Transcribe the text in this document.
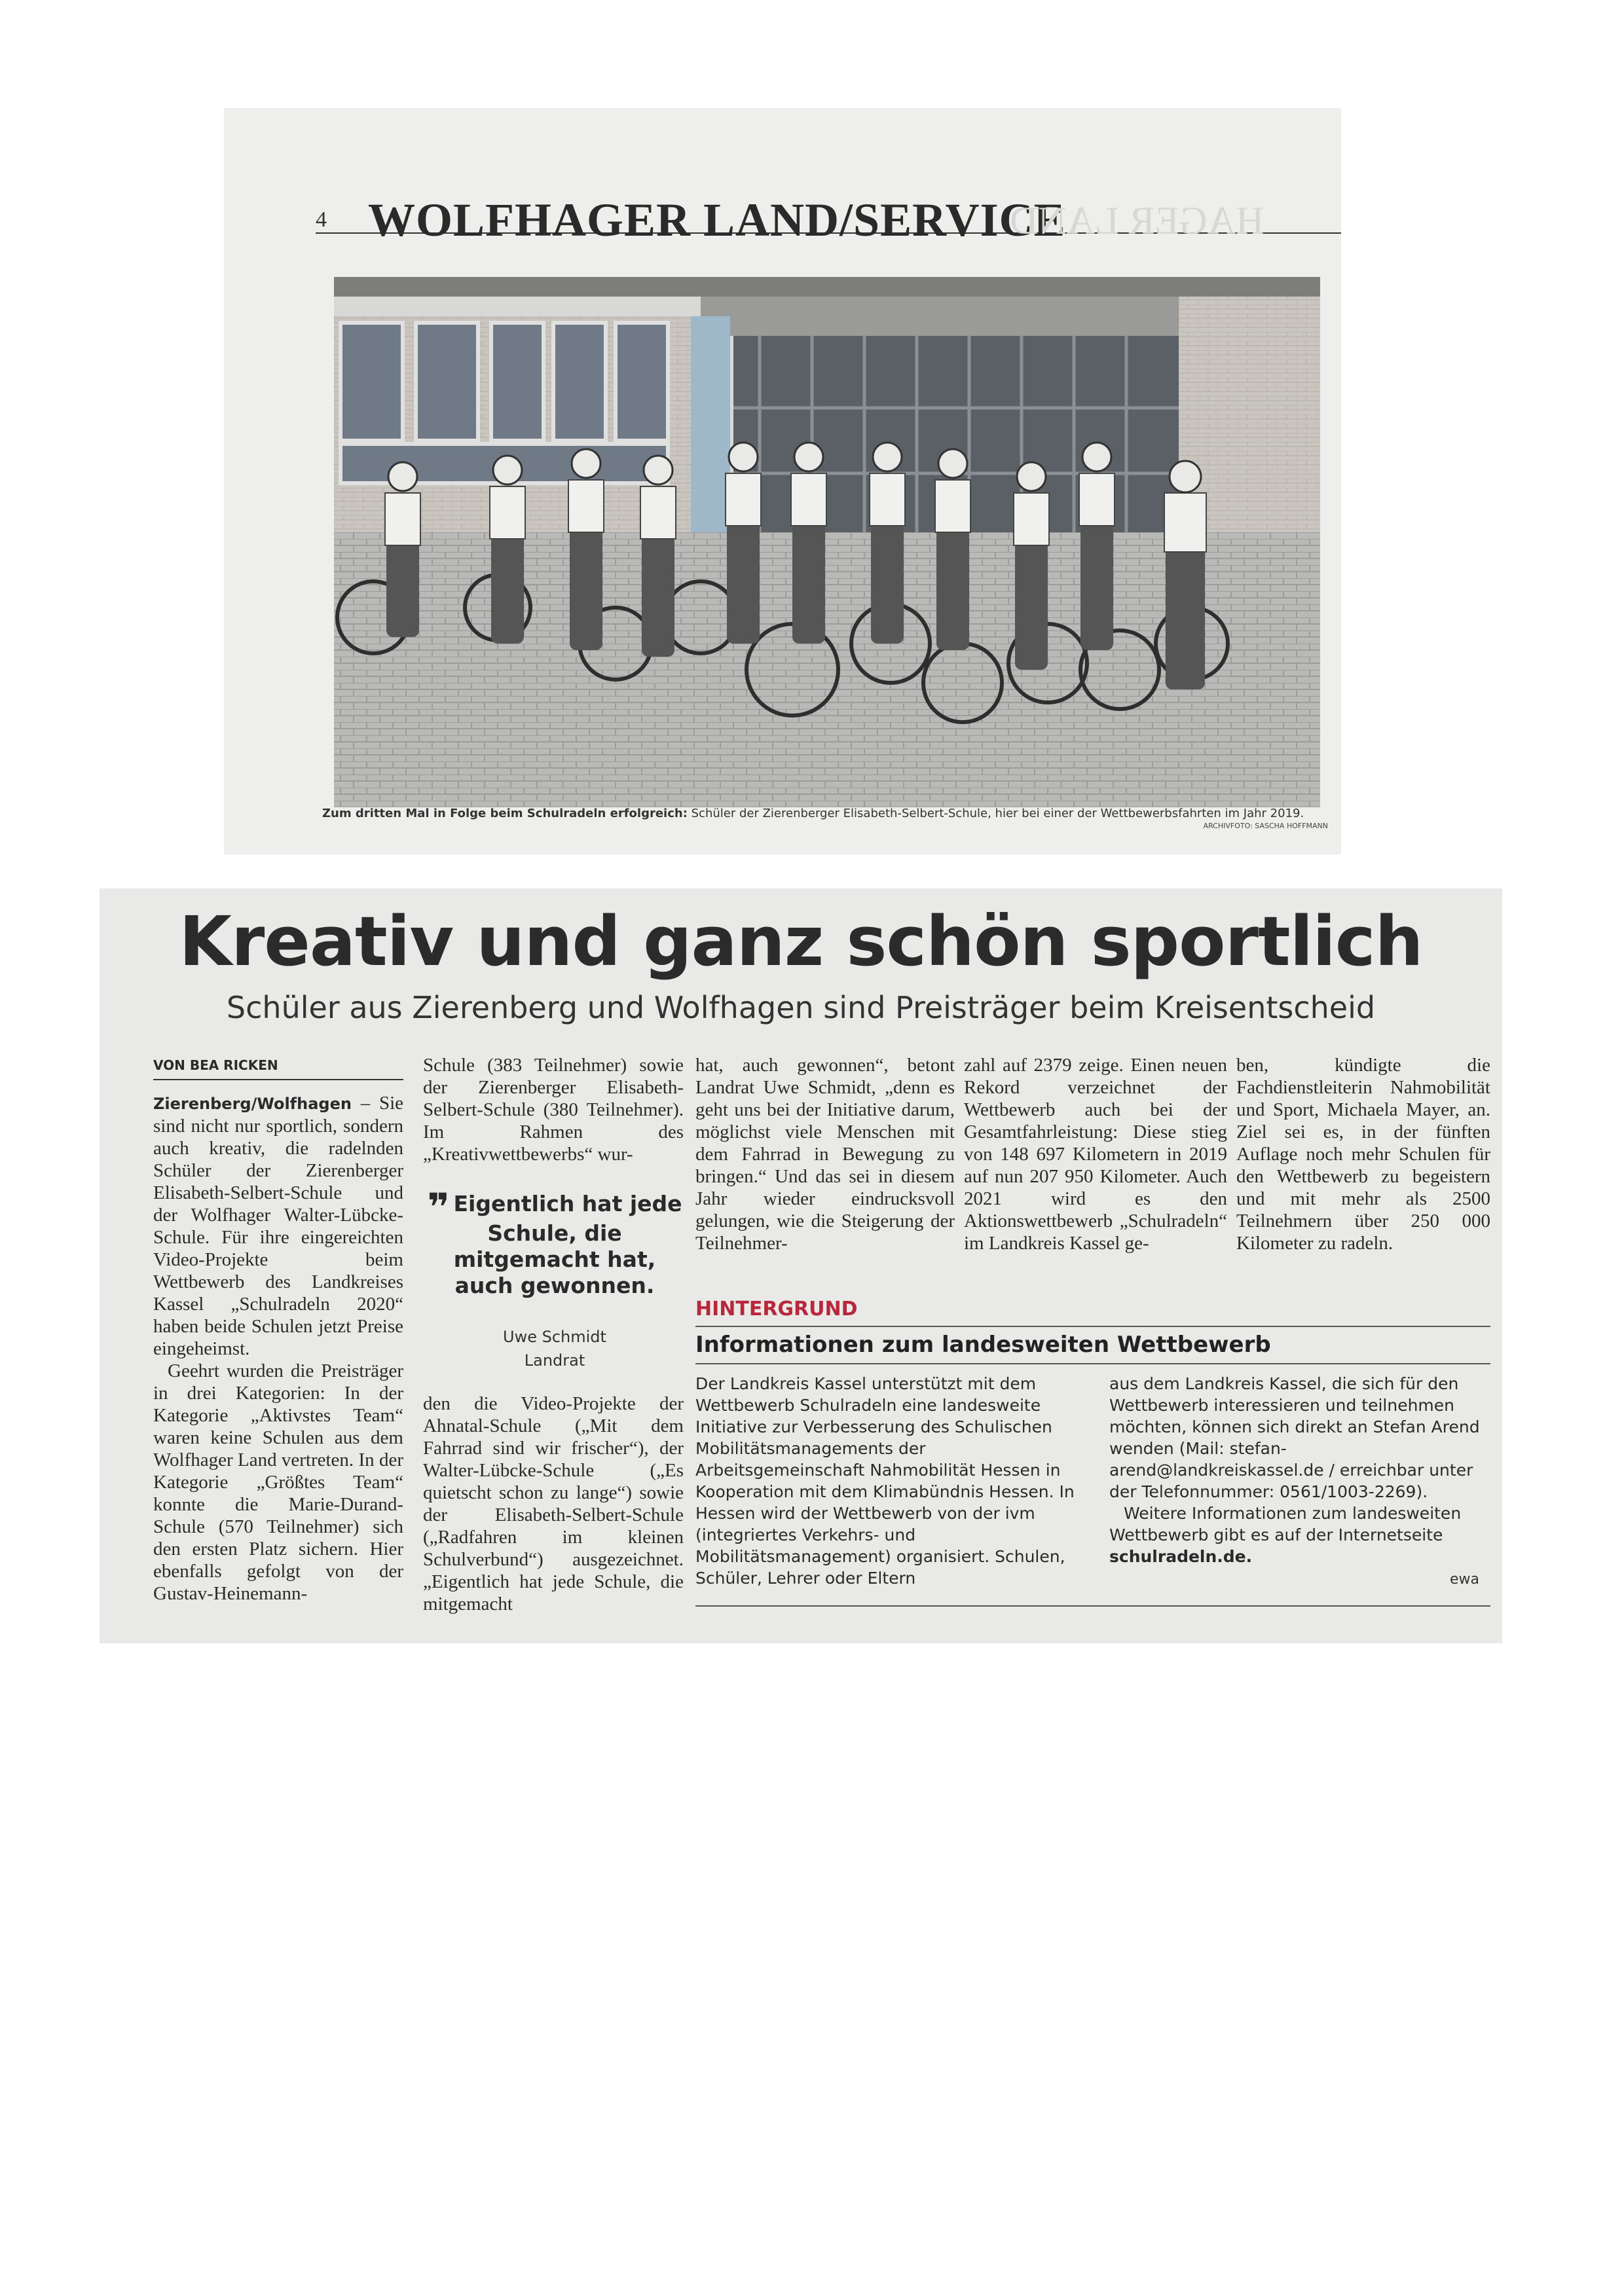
4 WOLFHAGER LAND/SERVICE
HAGER LAND
Zum dritten Mal in Folge beim Schulradeln erfolgreich: Schüler der Zierenberger Elisabeth-Selbert-Schule, hier bei einer der Wettbewerbsfahrten im Jahr 2019.
ARCHIVFOTO: SASCHA HOFFMANN
Kreativ und ganz schön sportlich
Schüler aus Zierenberg und Wolfhagen sind Preisträger beim Kreisentscheid
VON BEA RICKEN

Zierenberg/Wolfhagen – Sie sind nicht nur sportlich, sondern auch kreativ, die radelnden Schüler der Zierenberger Elisabeth-Selbert-Schule und der Wolfhager Walter-Lübcke-Schule. Für ihre eingereichten Video-Projekte beim Wettbewerb des Landkreises Kassel „Schulradeln 2020“ haben beide Schulen jetzt Preise eingeheimst.

Geehrt wurden die Preisträger in drei Kategorien: In der Kategorie „Aktivstes Team“ waren keine Schulen aus dem Wolfhager Land vertreten. In der Kategorie „Größtes Team“ konnte die Marie-Durand-Schule (570 Teilnehmer) sich den ersten Platz sichern. Hier ebenfalls gefolgt von der Gustav-Heinemann-

Schule (383 Teilnehmer) sowie der Zierenberger Elisabeth-Selbert-Schule (380 Teilnehmer). Im Rahmen des „Kreativwettbewerbs“ wur-

❞ Eigentlich hat jede Schule, die mitgemacht hat, auch gewonnen.
Uwe Schmidt
Landrat

den die Video-Projekte der Ahnatal-Schule („Mit dem Fahrrad sind wir frischer“), der Walter-Lübcke-Schule („Es quietscht schon zu lange“) sowie der Elisabeth-Selbert-Schule („Radfahren im kleinen Schulverbund“) ausgezeichnet. „Eigentlich hat jede Schule, die mitgemacht

hat, auch gewonnen“, betont Landrat Uwe Schmidt, „denn es geht uns bei der Initiative darum, möglichst viele Menschen mit dem Fahrrad in Bewegung zu bringen.“ Und das sei in diesem Jahr wieder eindrucksvoll gelungen, wie die Steigerung der Teilnehmer-

zahl auf 2379 zeige. Einen neuen Rekord verzeichnet der Wettbewerb auch bei der Gesamtfahrleistung: Diese stieg von 148 697 Kilometern in 2019 auf nun 207 950 Kilometer. Auch 2021 wird es den Aktionswettbewerb „Schulradeln“ im Landkreis Kassel ge-

ben, kündigte die Fachdienstleiterin Nahmobilität und Sport, Michaela Mayer, an. Ziel sei es, in der fünften Auflage noch mehr Schulen für den Wettbewerb zu begeistern und mit mehr als 2500 Teilnehmern über 250 000 Kilometer zu radeln.

HINTERGRUND
Informationen zum landesweiten Wettbewerb

Der Landkreis Kassel unterstützt mit dem Wettbewerb Schulradeln eine landesweite Initiative zur Verbesserung des Schulischen Mobilitätsmanagements der Arbeitsgemeinschaft Nahmobilität Hessen in Kooperation mit dem Klimabündnis Hessen. In Hessen wird der Wettbewerb von der ivm (integriertes Verkehrs- und Mobilitätsmanagement) organisiert. Schulen, Schüler, Lehrer oder Eltern

aus dem Landkreis Kassel, die sich für den Wettbewerb interessieren und teilnehmen möchten, können sich direkt an Stefan Arend wenden (Mail: stefan-arend@landkreiskassel.de / erreichbar unter der Telefonnummer: 0561/1003-2269).

Weitere Informationen zum landesweiten Wettbewerb gibt es auf der Internetseite schulradeln.de.

ewa
